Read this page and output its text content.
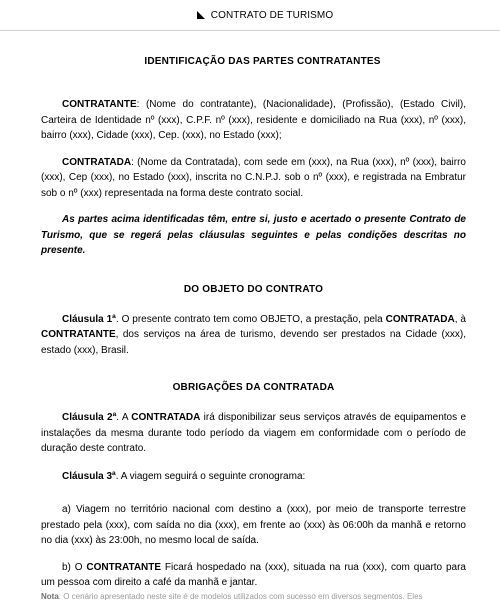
CONTRATO DE TURISMO
IDENTIFICAÇÃO DAS PARTES CONTRATANTES

CONTRATANTE: (Nome do contratante), (Nacionalidade), (Profissão), (Estado Civil), Carteira de Identidade nº (xxx), C.P.F. nº (xxx), residente e domiciliado na Rua (xxx), nº (xxx), bairro (xxx), Cidade (xxx), Cep. (xxx), no Estado (xxx);

CONTRATADA: (Nome da Contratada), com sede em (xxx), na Rua (xxx), nº (xxx), bairro (xxx), Cep (xxx), no Estado (xxx), inscrita no C.N.P.J. sob o nº (xxx), e registrada na Embratur sob o nº (xxx) representada na forma deste contrato social.

As partes acima identificadas têm, entre si, justo e acertado o presente Contrato de Turismo, que se regerá pelas cláusulas seguintes e pelas condições descritas no presente.

DO OBJETO DO CONTRATO

Cláusula 1ª. O presente contrato tem como OBJETO, a prestação, pela CONTRATADA, à CONTRATANTE, dos serviços na área de turismo, devendo ser prestados na Cidade (xxx), estado (xxx), Brasil.

OBRIGAÇÕES DA CONTRATADA

Cláusula 2ª. A CONTRATADA irá disponibilizar seus serviços através de equipamentos e instalações da mesma durante todo período da viagem em conformidade com o período de duração deste contrato.

Cláusula 3ª. A viagem seguirá o seguinte cronograma:

a) Viagem no território nacional com destino a (xxx), por meio de transporte terrestre prestado pela (xxx), com saída no dia (xxx), em frente ao (xxx) às 06:00h da manhã e retorno no dia (xxx) às 23:00h, no mesmo local de saída.

b) O CONTRATANTE Ficará hospedado na (xxx), situada na rua (xxx), com quarto para um pessoa com direito a café da manhã e jantar.

Nota: O cenário apresentado neste site é de modelos utilizados com sucesso em diversos segmentos. Eles
